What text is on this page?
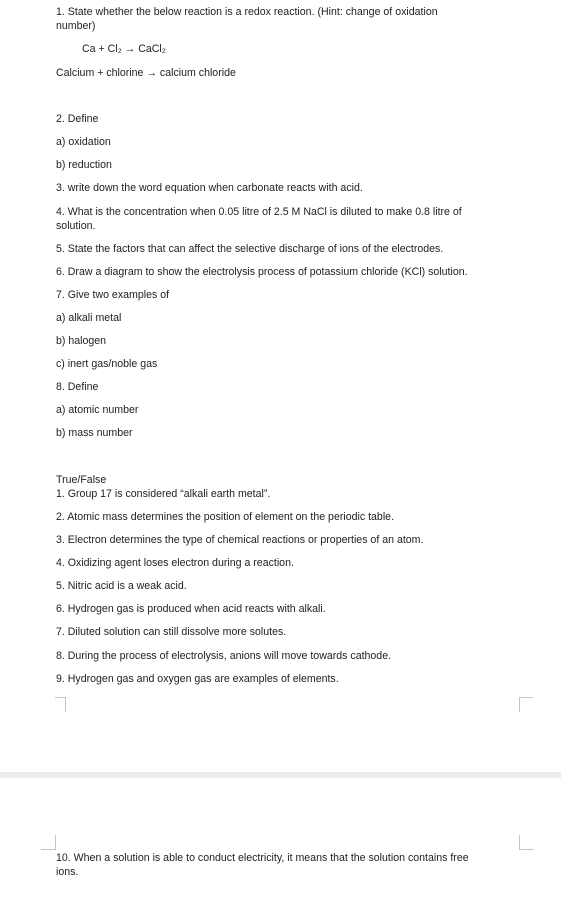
1. State whether the below reaction is a redox reaction. (Hint: change of oxidation

number)

Ca + Cl₂ → CaCl₂

Calcium + chlorine → calcium chloride

2. Define

a) oxidation

b) reduction

3. write down the word equation when carbonate reacts with acid.

4. What is the concentration when 0.05 litre of 2.5 M NaCl is diluted to make 0.8 litre of

solution.

5. State the factors that can affect the selective discharge of ions of the electrodes.

6. Draw a diagram to show the electrolysis process of potassium chloride (KCl) solution.

7. Give two examples of

a) alkali metal

b) halogen

c) inert gas/noble gas

8. Define

a) atomic number

b) mass number

True/False

1. Group 17 is considered “alkali earth metal”.

2. Atomic mass determines the position of element on the periodic table.

3. Electron determines the type of chemical reactions or properties of an atom.

4. Oxidizing agent loses electron during a reaction.

5. Nitric acid is a weak acid.

6. Hydrogen gas is produced when acid reacts with alkali.

7. Diluted solution can still dissolve more solutes.

8. During the process of electrolysis, anions will move towards cathode.

9. Hydrogen gas and oxygen gas are examples of elements.

10. When a solution is able to conduct electricity, it means that the solution contains free

ions.
